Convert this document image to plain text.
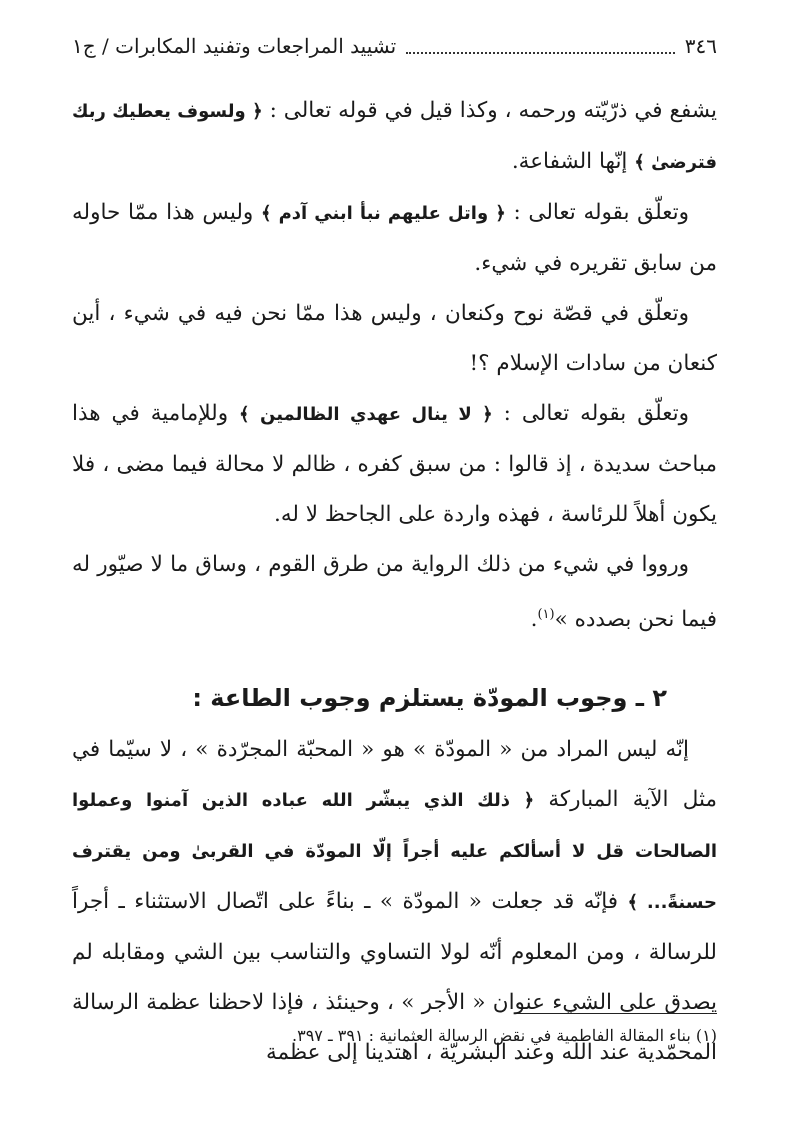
٣٤٦
تشييد المراجعات وتفنيد المكابرات / ج١

يشفع في ذرّيّته ورحمه ، وكذا قيل في قوله تعالى : ﴿ ولسوف يعطيك ربك فترضىٰ ﴾ إنّها الشفاعة.

وتعلّق بقوله تعالى : ﴿ واتل عليهم نبأ ابني آدم ﴾ وليس هذا ممّا حاوله من سابق تقريره في شيء.

وتعلّق في قصّة نوح وكنعان ، وليس هذا ممّا نحن فيه في شيء ، أين كنعان من سادات الإسلام ؟!

وتعلّق بقوله تعالى : ﴿ لا ينال عهدي الظالمين ﴾ وللإمامية في هذا مباحث سديدة ، إذ قالوا : من سبق كفره ، ظالم لا محالة فيما مضى ، فلا يكون أهلاً للرئاسة ، فهذه واردة على الجاحظ لا له.

ورووا في شيء من ذلك الرواية من طرق القوم ، وساق ما لا صيّور له فيما نحن بصدده »$^{(١)}$.

٢ ـ وجوب المودّة يستلزم وجوب الطاعة :

إنّه ليس المراد من « المودّة » هو « المحبّة المجرّدة » ، لا سيّما في مثل الآية المباركة ﴿ ذلك الذي يبشّر الله عباده الذين آمنوا وعملوا الصالحات قل لا أسألكم عليه أجراً إلّا المودّة في القربىٰ ومن يقترف حسنةً... ﴾ فإنّه قد جعلت « المودّة » ـ بناءً على اتّصال الاستثناء ـ أجراً للرسالة ، ومن المعلوم أنّه لولا التساوي والتناسب بين الشي ومقابله لم يصدق على الشيء عنوان « الأجر » ، وحينئذ ، فإذا لاحظنا عظمة الرسالة المحمّدية عند الله وعند البشريّة ، اهتدينا إلى عظمة

(١) بناء المقالة الفاطمية في نقض الرسالة العثمانية : ٣٩١ ـ ٣٩٧.
